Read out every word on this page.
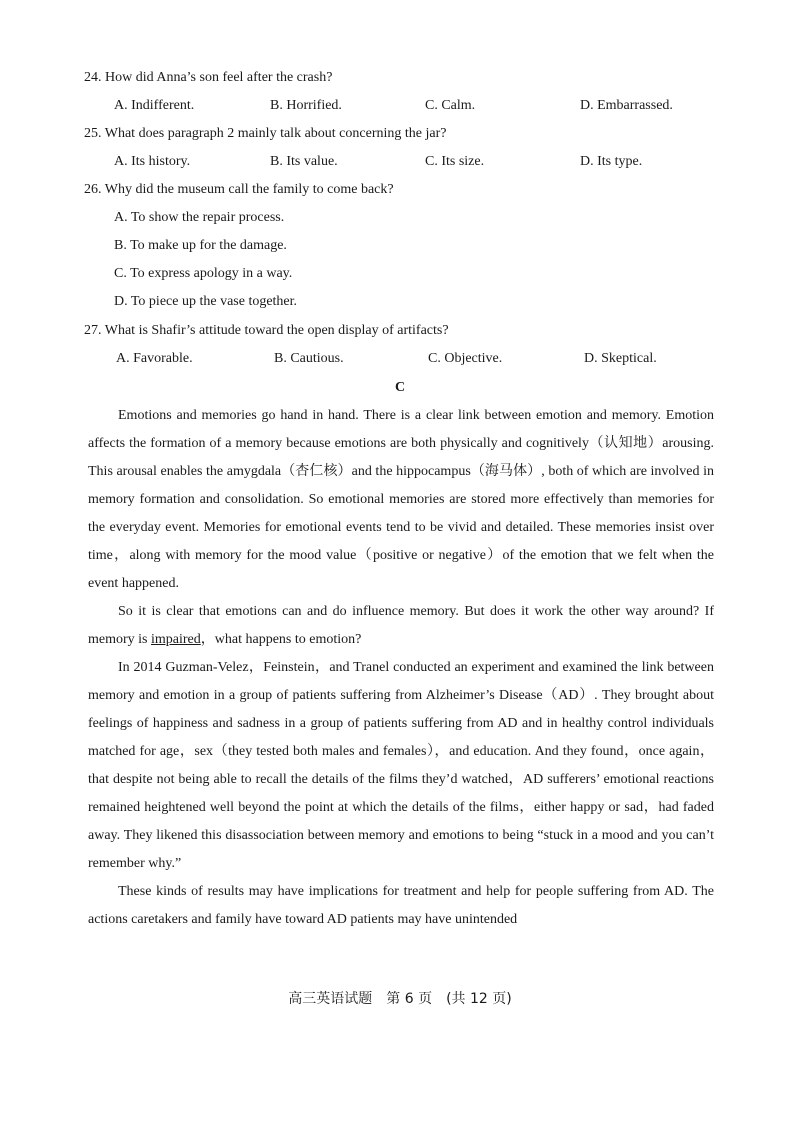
24. How did Anna’s son feel after the crash?
A. Indifferent.	B. Horrified.	C. Calm.	D. Embarrassed.
25. What does paragraph 2 mainly talk about concerning the jar?
A. Its history.	B. Its value.	C. Its size.	D. Its type.
26. Why did the museum call the family to come back?
A. To show the repair process.
B. To make up for the damage.
C. To express apology in a way.
D. To piece up the vase together.
27. What is Shafir’s attitude toward the open display of artifacts?
A. Favorable.	B. Cautious.	C. Objective.	D. Skeptical.
C

Emotions and memories go hand in hand. There is a clear link between emotion and memory. Emotion affects the formation of a memory because emotions are both physically and cognitively（认知地）arousing. This arousal enables the amygdala（杏仁核）and the hippocampus（海马体）, both of which are involved in memory formation and consolidation. So emotional memories are stored more effectively than memories for the everyday event. Memories for emotional events tend to be vivid and detailed. These memories insist over time，along with memory for the mood value（positive or negative）of the emotion that we felt when the event happened.

So it is clear that emotions can and do influence memory. But does it work the other way around? If memory is impaired，what happens to emotion?

In 2014 Guzman-Velez，Feinstein，and Tranel conducted an experiment and examined the link between memory and emotion in a group of patients suffering from Alzheimer’s Disease（AD）. They brought about feelings of happiness and sadness in a group of patients suffering from AD and in healthy control individuals matched for age，sex（they tested both males and females），and education. And they found，once again，that despite not being able to recall the details of the films they’d watched，AD sufferers’ emotional reactions remained heightened well beyond the point at which the details of the films，either happy or sad，had faded away. They likened this disassociation between memory and emotions to being “stuck in a mood and you can’t remember why.”

These kinds of results may have implications for treatment and help for people suffering from AD. The actions caretakers and family have toward AD patients may have unintended

高三英语试题　第 6 页　(共 12 页)
